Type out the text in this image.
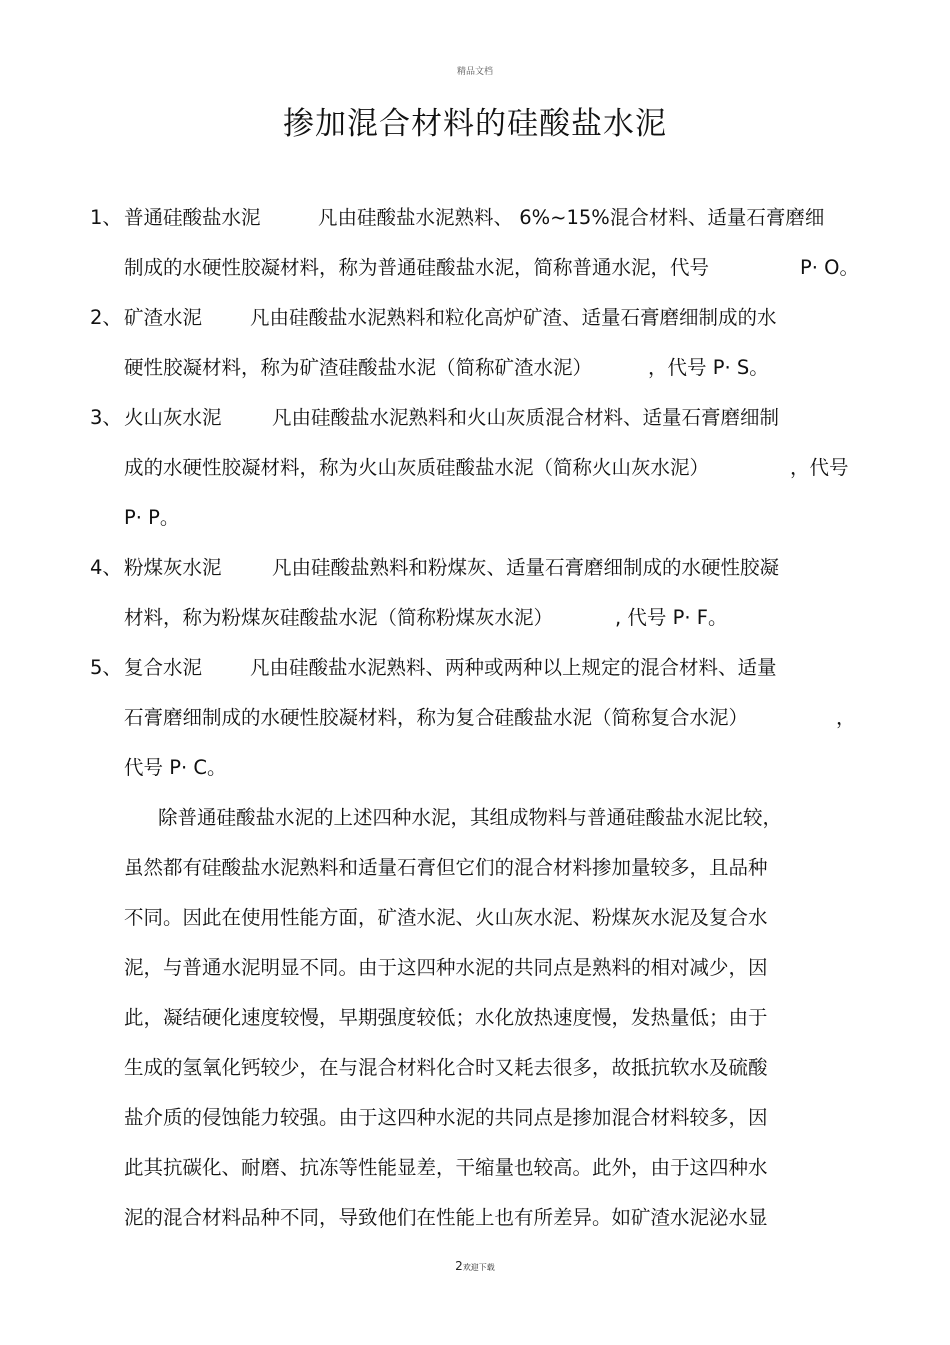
精品文档
掺加混合材料的硅酸盐水泥
1、 普通硅酸盐水泥	凡由硅酸盐水泥熟料、 6%~15%混合材料、适量石膏磨细
制成的水硬性胶凝材料，称为普通硅酸盐水泥，简称普通水泥，代号	P· O。
2、 矿渣水泥 凡由硅酸盐水泥熟料和粒化高炉矿渣、适量石膏磨细制成的水
硬性胶凝材料，称为矿渣硅酸盐水泥（简称矿渣水泥）	，代号 P· S。
3、 火山灰水泥	凡由硅酸盐水泥熟料和火山灰质混合材料、适量石膏磨细制
成的水硬性胶凝材料，称为火山灰质硅酸盐水泥（简称火山灰水泥）	，代号
P· P。
4、 粉煤灰水泥	凡由硅酸盐熟料和粉煤灰、适量石膏磨细制成的水硬性胶凝
材料，称为粉煤灰硅酸盐水泥（简称粉煤灰水泥）	, 代号 P· F。
5、 复合水泥 凡由硅酸盐水泥熟料、两种或两种以上规定的混合材料、适量
石膏磨细制成的水硬性胶凝材料，称为复合硅酸盐水泥（简称复合水泥）	，
代号 P· C。
除普通硅酸盐水泥的上述四种水泥，其组成物料与普通硅酸盐水泥比较，
虽然都有硅酸盐水泥熟料和适量石膏但它们的混合材料掺加量较多，且品种
不同。因此在使用性能方面，矿渣水泥、火山灰水泥、粉煤灰水泥及复合水
泥，与普通水泥明显不同。由于这四种水泥的共同点是熟料的相对减少，因
此，凝结硬化速度较慢，早期强度较低；水化放热速度慢，发热量低；由于
生成的氢氧化钙较少，在与混合材料化合时又耗去很多，故抵抗软水及硫酸
盐介质的侵蚀能力较强。由于这四种水泥的共同点是掺加混合材料较多，因
此其抗碳化、耐磨、抗冻等性能显差，干缩量也较高。此外，由于这四种水
泥的混合材料品种不同，导致他们在性能上也有所差异。如矿渣水泥泌水显
2欢迎下载
